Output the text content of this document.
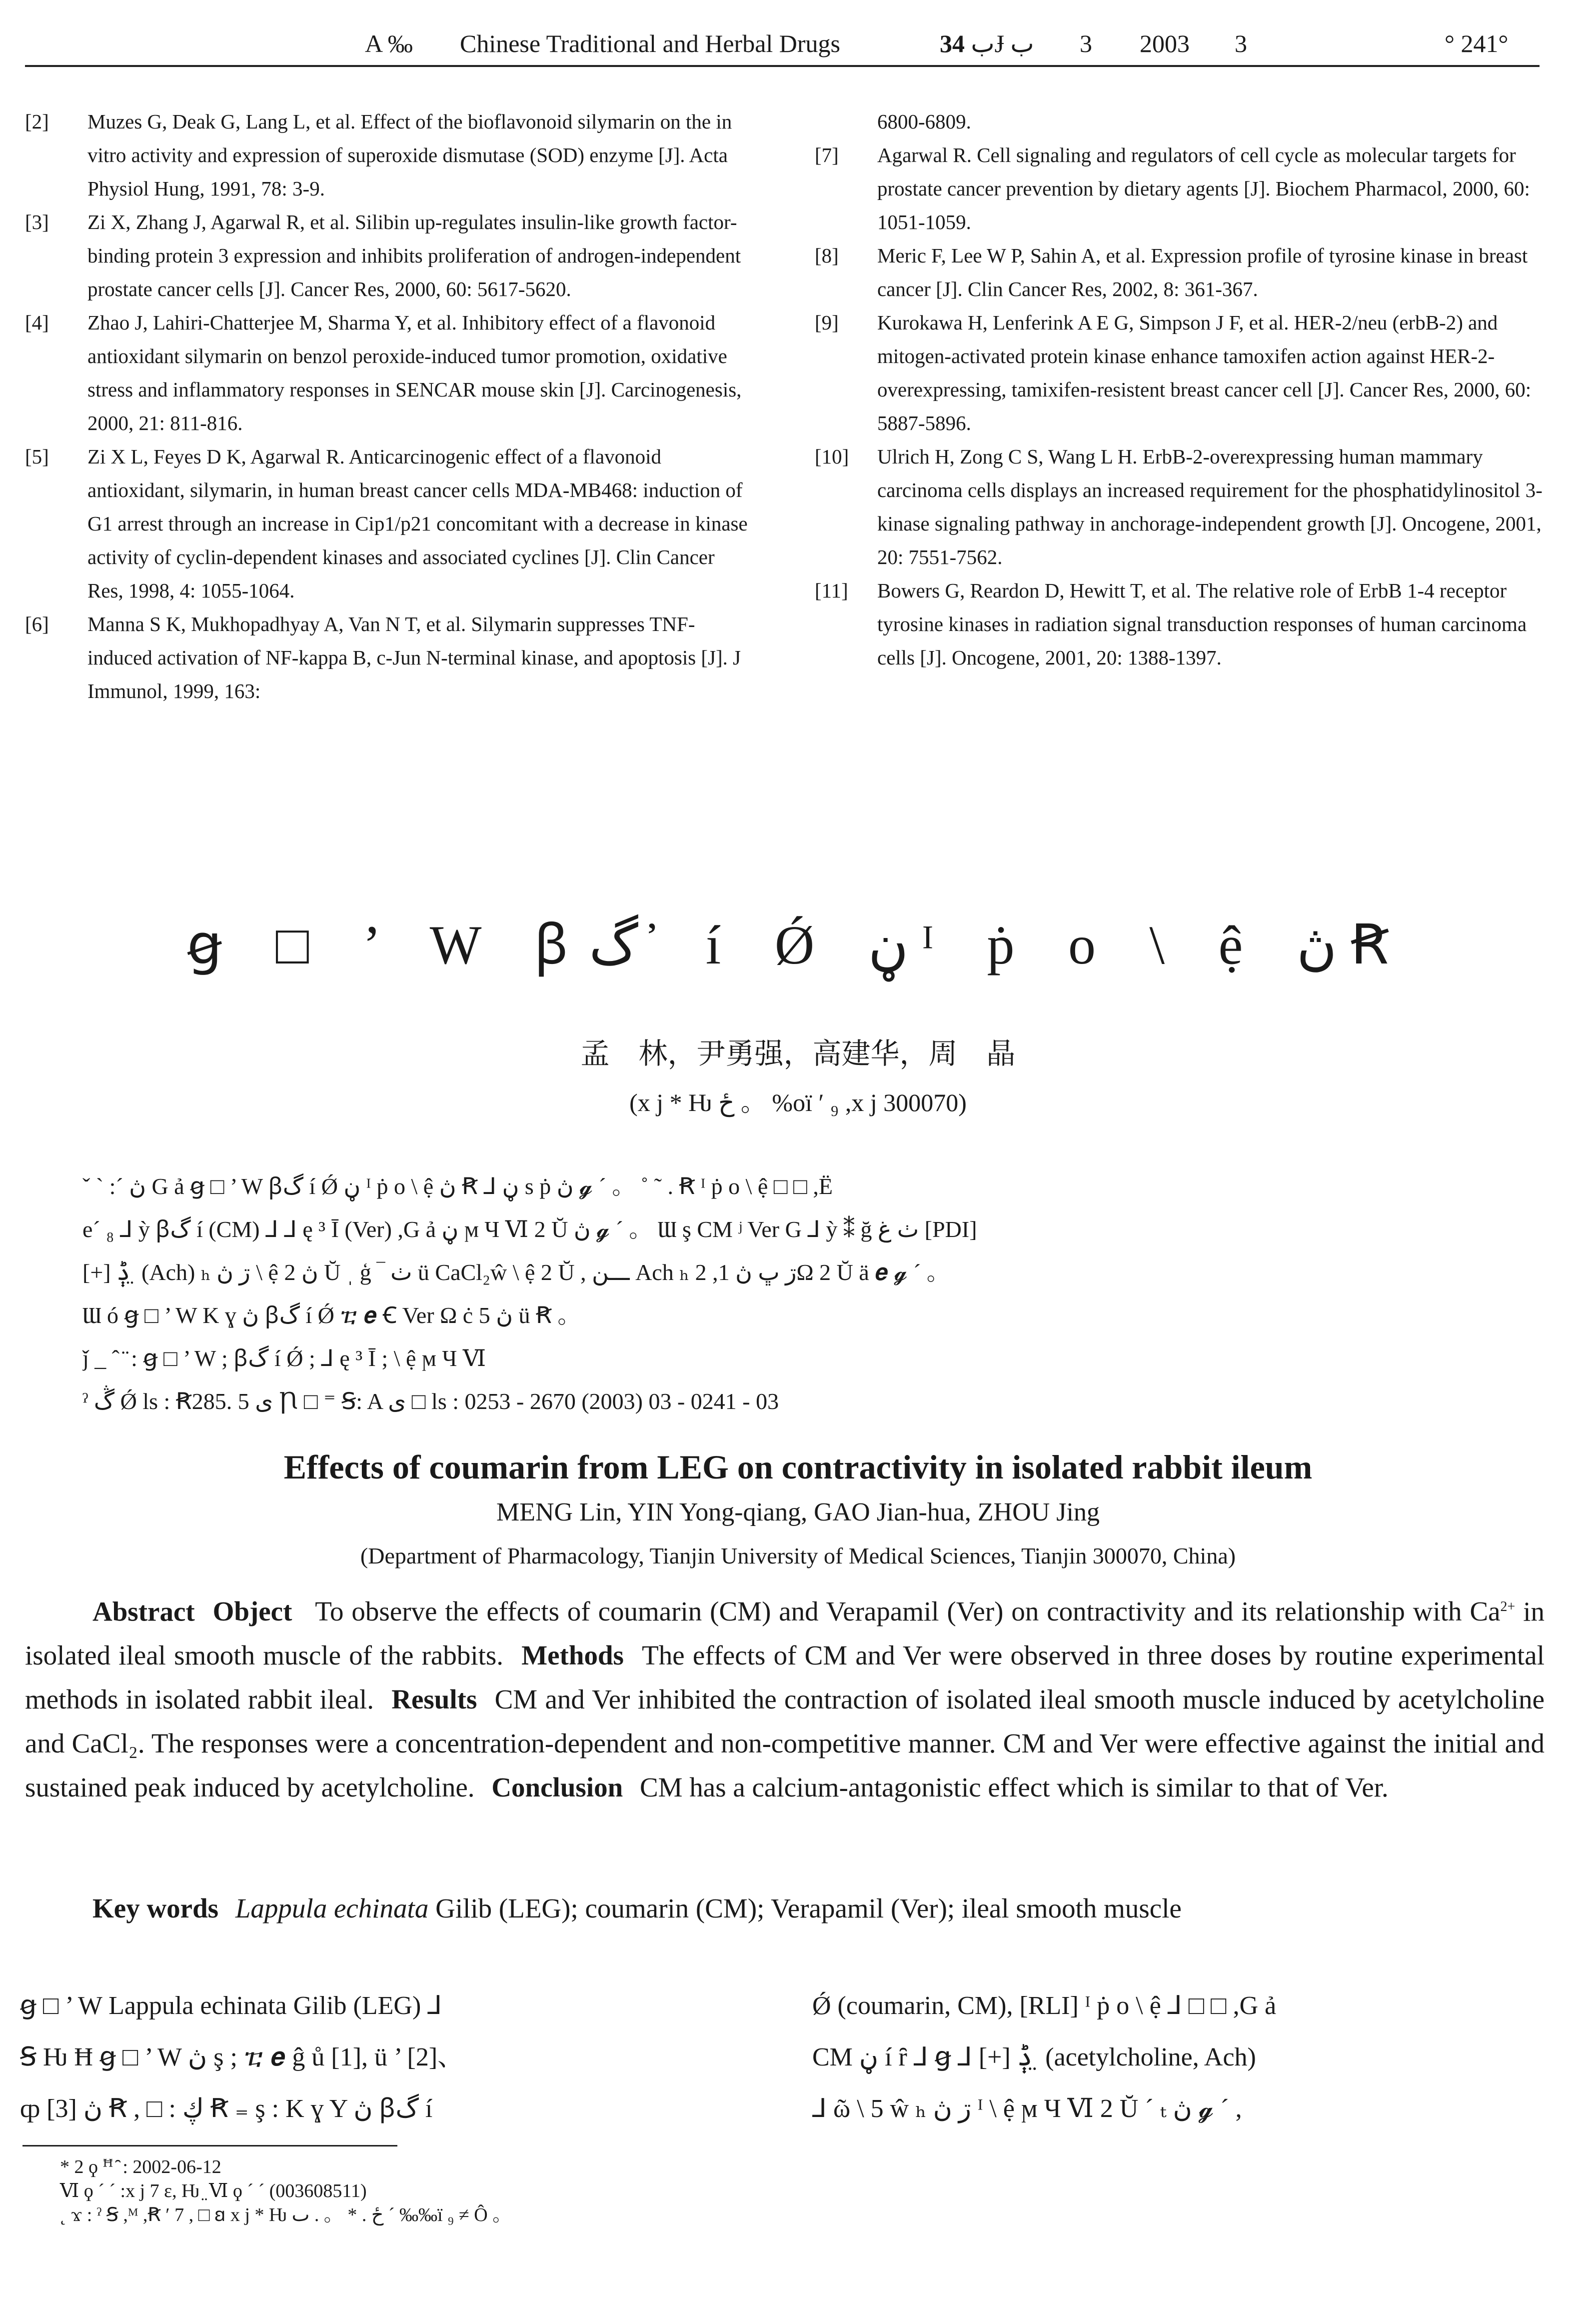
A ‰ Chinese Traditional and Herbal Drugs	ب 34 Ɉ ب 3 2003 3	° 241°
[2] Muzes G, Deak G, Lang L, et al. Effect of the bioflavonoid silymarin on the in vitro activity and expression of superoxide dismutase (SOD) enzyme [J]. Acta Physiol Hung, 1991, 78: 3-9.
[3] Zi X, Zhang J, Agarwal R, et al. Silibin up-regulates insulin-like growth factor-binding protein 3 expression and inhibits proliferation of androgen-independent prostate cancer cells [J]. Cancer Res, 2000, 60: 5617-5620.
[4] Zhao J, Lahiri-Chatterjee M, Sharma Y, et al. Inhibitory effect of a flavonoid antioxidant silymarin on benzol peroxide-induced tumor promotion, oxidative stress and inflammatory responses in SENCAR mouse skin [J]. Carcinogenesis, 2000, 21: 811-816.
[5] Zi X L, Feyes D K, Agarwal R. Anticarcinogenic effect of a flavonoid antioxidant, silymarin, in human breast cancer cells MDA-MB468: induction of G1 arrest through an increase in Cip1/p21 concomitant with a decrease in kinase activity of cyclin-dependent kinases and associated cyclines [J]. Clin Cancer Res, 1998, 4: 1055-1064.
[6] Manna S K, Mukhopadhyay A, Van N T, et al. Silymarin suppresses TNF-induced activation of NF-kappa B, c-Jun N-terminal kinase, and apoptosis [J]. J Immunol, 1999, 163:
6800-6809.
[7] Agarwal R. Cell signaling and regulators of cell cycle as molecular targets for prostate cancer prevention by dietary agents [J]. Biochem Pharmacol, 2000, 60: 1051-1059.
[8] Meric F, Lee W P, Sahin A, et al. Expression profile of tyrosine kinase in breast cancer [J]. Clin Cancer Res, 2002, 8: 361-367.
[9] Kurokawa H, Lenferink A E G, Simpson J F, et al. HER-2/neu (erbB-2) and mitogen-activated protein kinase enhance tamoxifen action against HER-2-overexpressing, tamixifen-resistent breast cancer cell [J]. Cancer Res, 2000, 60: 5887-5896.
[10] Ulrich H, Zong C S, Wang L H. ErbB-2-overexpressing human mammary carcinoma cells displays an increased requirement for the phosphatidylinositol 3-kinase signaling pathway in anchorage-independent growth [J]. Oncogene, 2001, 20: 7551-7562.
[11] Bowers G, Reardon D, Hewitt T, et al. The relative role of ErbB 1-4 receptor tyrosine kinases in radiation signal transduction responses of human carcinoma cells [J]. Oncogene, 2001, 20: 1388-1397.
ꞡ □ ’ W ꞵگ ҆ í Ǿ ڼ ᴵ ṗ o \ ệ ڽ Ꞧ
孟　林，尹勇强，高建华，周　晶
(x j * Ƕ ځ 。 %oï ′ ₉ ,x j 300070)
ˇ ˋ :ˊ ڽ G ả ꞡ □ ’ W ꞵگ í Ǿ ڼ ᴵ ṗ o \ ệ ڽ Ꞧ ⅃ ڼ s ṗ ڽ 𝓰 ˊ 。 ˚ ˜ . Ꞧ ᴵ ṗ o \ ệ □ □ ,Ë
e´ ₈ ⅃ ỳ ꞵگ í (CM) ⅃ ⅃ ę ³ Ī (Ver) ,G ả ڼ ϻ Ч Ⅵ 2 Ŭ ڽ 𝓰 ˊ 。 Ɯ ş CM ʲ Ver G ⅃ ỳ ⁑ ğ ٺ غ [PDI]
[+] ݙ ̤ (Ach) ₕ ڗ ڽ \ ệ ڽ 2 Ŭ ˌ ģ ‾ ٺ ü CaCl₂ŵ \ ệ 2 Ŭ , ـــن Ach ₕ ڗ ڀ ڽ 1, 2Ω 2 Ŭ ä 𝒆 𝓰 ˊ 。
Ɯ ó ꞡ □ ’ W K ɣ ڽ ꞵگ í Ǿ ⴀ 𝒆 Ꞓ Ver Ω ċ ڽ 5 ü Ꞧ 。
ǰ _ ˆ ̈ : ꞡ □ ’ W ; ꞵگ í Ǿ ; ⅃ ę ³ Ī ; \ ệ ϻ Ч Ⅵ
ˀ ڴ Ǿ ls : Ꞧ285. 5 ى Ꞃ □ ⁼ Ꞩ: A ى □ ls : 0253 - 2670 (2003) 03 - 0241 - 03
Effects of coumarin from LEG on contractivity in isolated rabbit ileum
MENG Lin, YIN Yong-qiang, GAO Jian-hua, ZHOU Jing
(Department of Pharmacology, Tianjin University of Medical Sciences, Tianjin 300070, China)
Abstract Object To observe the effects of coumarin (CM) and Verapamil (Ver) on contractivity and its relationship with $Ca^{2+}$ in isolated ileal smooth muscle of the rabbits. Methods The effects of CM and Ver were observed in three doses by routine experimental methods in isolated rabbit ileal. Results CM and Ver inhibited the contraction of isolated ileal smooth muscle induced by acetylcholine and CaCl₂. The responses were a concentration-dependent and non-competitive manner. CM and Ver were effective against the initial and sustained peak induced by acetylcholine. Conclusion CM has a calcium-antagonistic effect which is similar to that of Ver.
Key words Lappula echinata Gilib (LEG); coumarin (CM); Verapamil (Ver); ileal smooth muscle
ꞡ □ ’ W Lappula echinata Gilib (LEG) ⅃
Ꞩ Ƕ Ħ ꞡ □ ’ W ڽ ş ; ⴀ 𝒆 ĝ ů [1], ü ’ [2]、
ȹ [3] ڽ Ꞧ , □ : ڮ Ꞧ ₌ ş : K ɣ Y ڽ ꞵگ í
Ǿ (coumarin, CM), [RLI] ᴵ ṗ o \ ệ ⅃ □ □ ,G ả
CM ڼ í ȓ ⅃ ꞡ ⅃ [+] ݙ ̤ (acetylcholine, Ach)
⅃ ῶ \ 5 ŵ ₕ ڗ ڽ ᴵ \ ệ ϻ Ч Ⅵ 2 Ŭ ˊ ₜ ڽ 𝓰 ˊ ,
* 2 ϙ ꟸ ̑ : 2002-06-12
Ⅵ ϙ ´ ˊ :x j 7 ε, Ƕ ̤ Ⅵ ϙ ´ ´ (003608511)
˛ ϫ : ˀ Ꞩ ,ᴹ ,Ꞧ ′ 7 , □ ꞛ x j * Ƕ ځ . * 。 . ٮ ˊ ‰‰ï ₉ ≠ Ô 。
